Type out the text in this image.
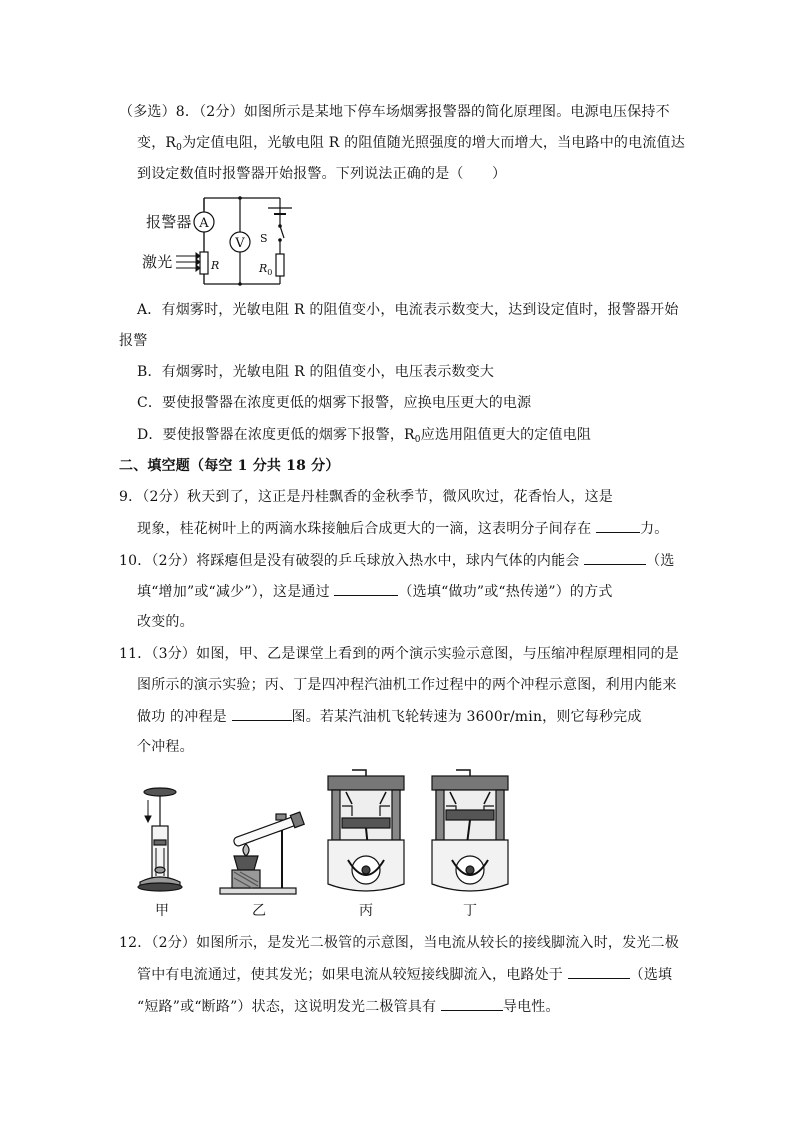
（多选）8．（2分）如图所示是某地下停车场烟雾报警器的简化原理图。电源电压保持不
变，$R_0$为定值电阻，光敏电阻 R 的阻值随光照强度的增大而增大，当电路中的电流值达
到设定数值时报警器开始报警。下列说法正确的是（　　）
A
R
V S
$R_0$
报警器
激光
A．有烟雾时，光敏电阻 R 的阻值变小，电流表示数变大，达到设定值时，报警器开始
报警
B．有烟雾时，光敏电阻 R 的阻值变小，电压表示数变大
C．要使报警器在浓度更低的烟雾下报警，应换电压更大的电源
D．要使报警器在浓度更低的烟雾下报警，$R_0$应选用阻值更大的定值电阻
二、填空题（每空 1 分共 18 分）
9．（2分）秋天到了，这正是丹桂飘香的金秋季节，微风吹过，花香怡人，这是
现象，桂花树叶上的两滴水珠接触后合成更大的一滴，这表明分子间存在	力。
10．（2分）将踩瘪但是没有破裂的乒乓球放入热水中，球内气体的内能会	（选
填“增加”或“减少”），这是通过	（选填“做功”或“热传递”）的方式
改变的。
11．（3分）如图，甲、乙是课堂上看到的两个演示实验示意图，与压缩冲程原理相同的是
图所示的演示实验；丙、丁是四冲程汽油机工作过程中的两个冲程示意图，利用内能来
做功 的冲程是	图。若某汽油机飞轮转速为 3600r/min，则它每秒完成
个冲程。
甲	乙	丙	丁
12．（2分）如图所示，是发光二极管的示意图，当电流从较长的接线脚流入时，发光二极
管中有电流通过，使其发光；如果电流从较短接线脚流入，电路处于	（选填
“短路”或“断路”）状态，这说明发光二极管具有	导电性。
